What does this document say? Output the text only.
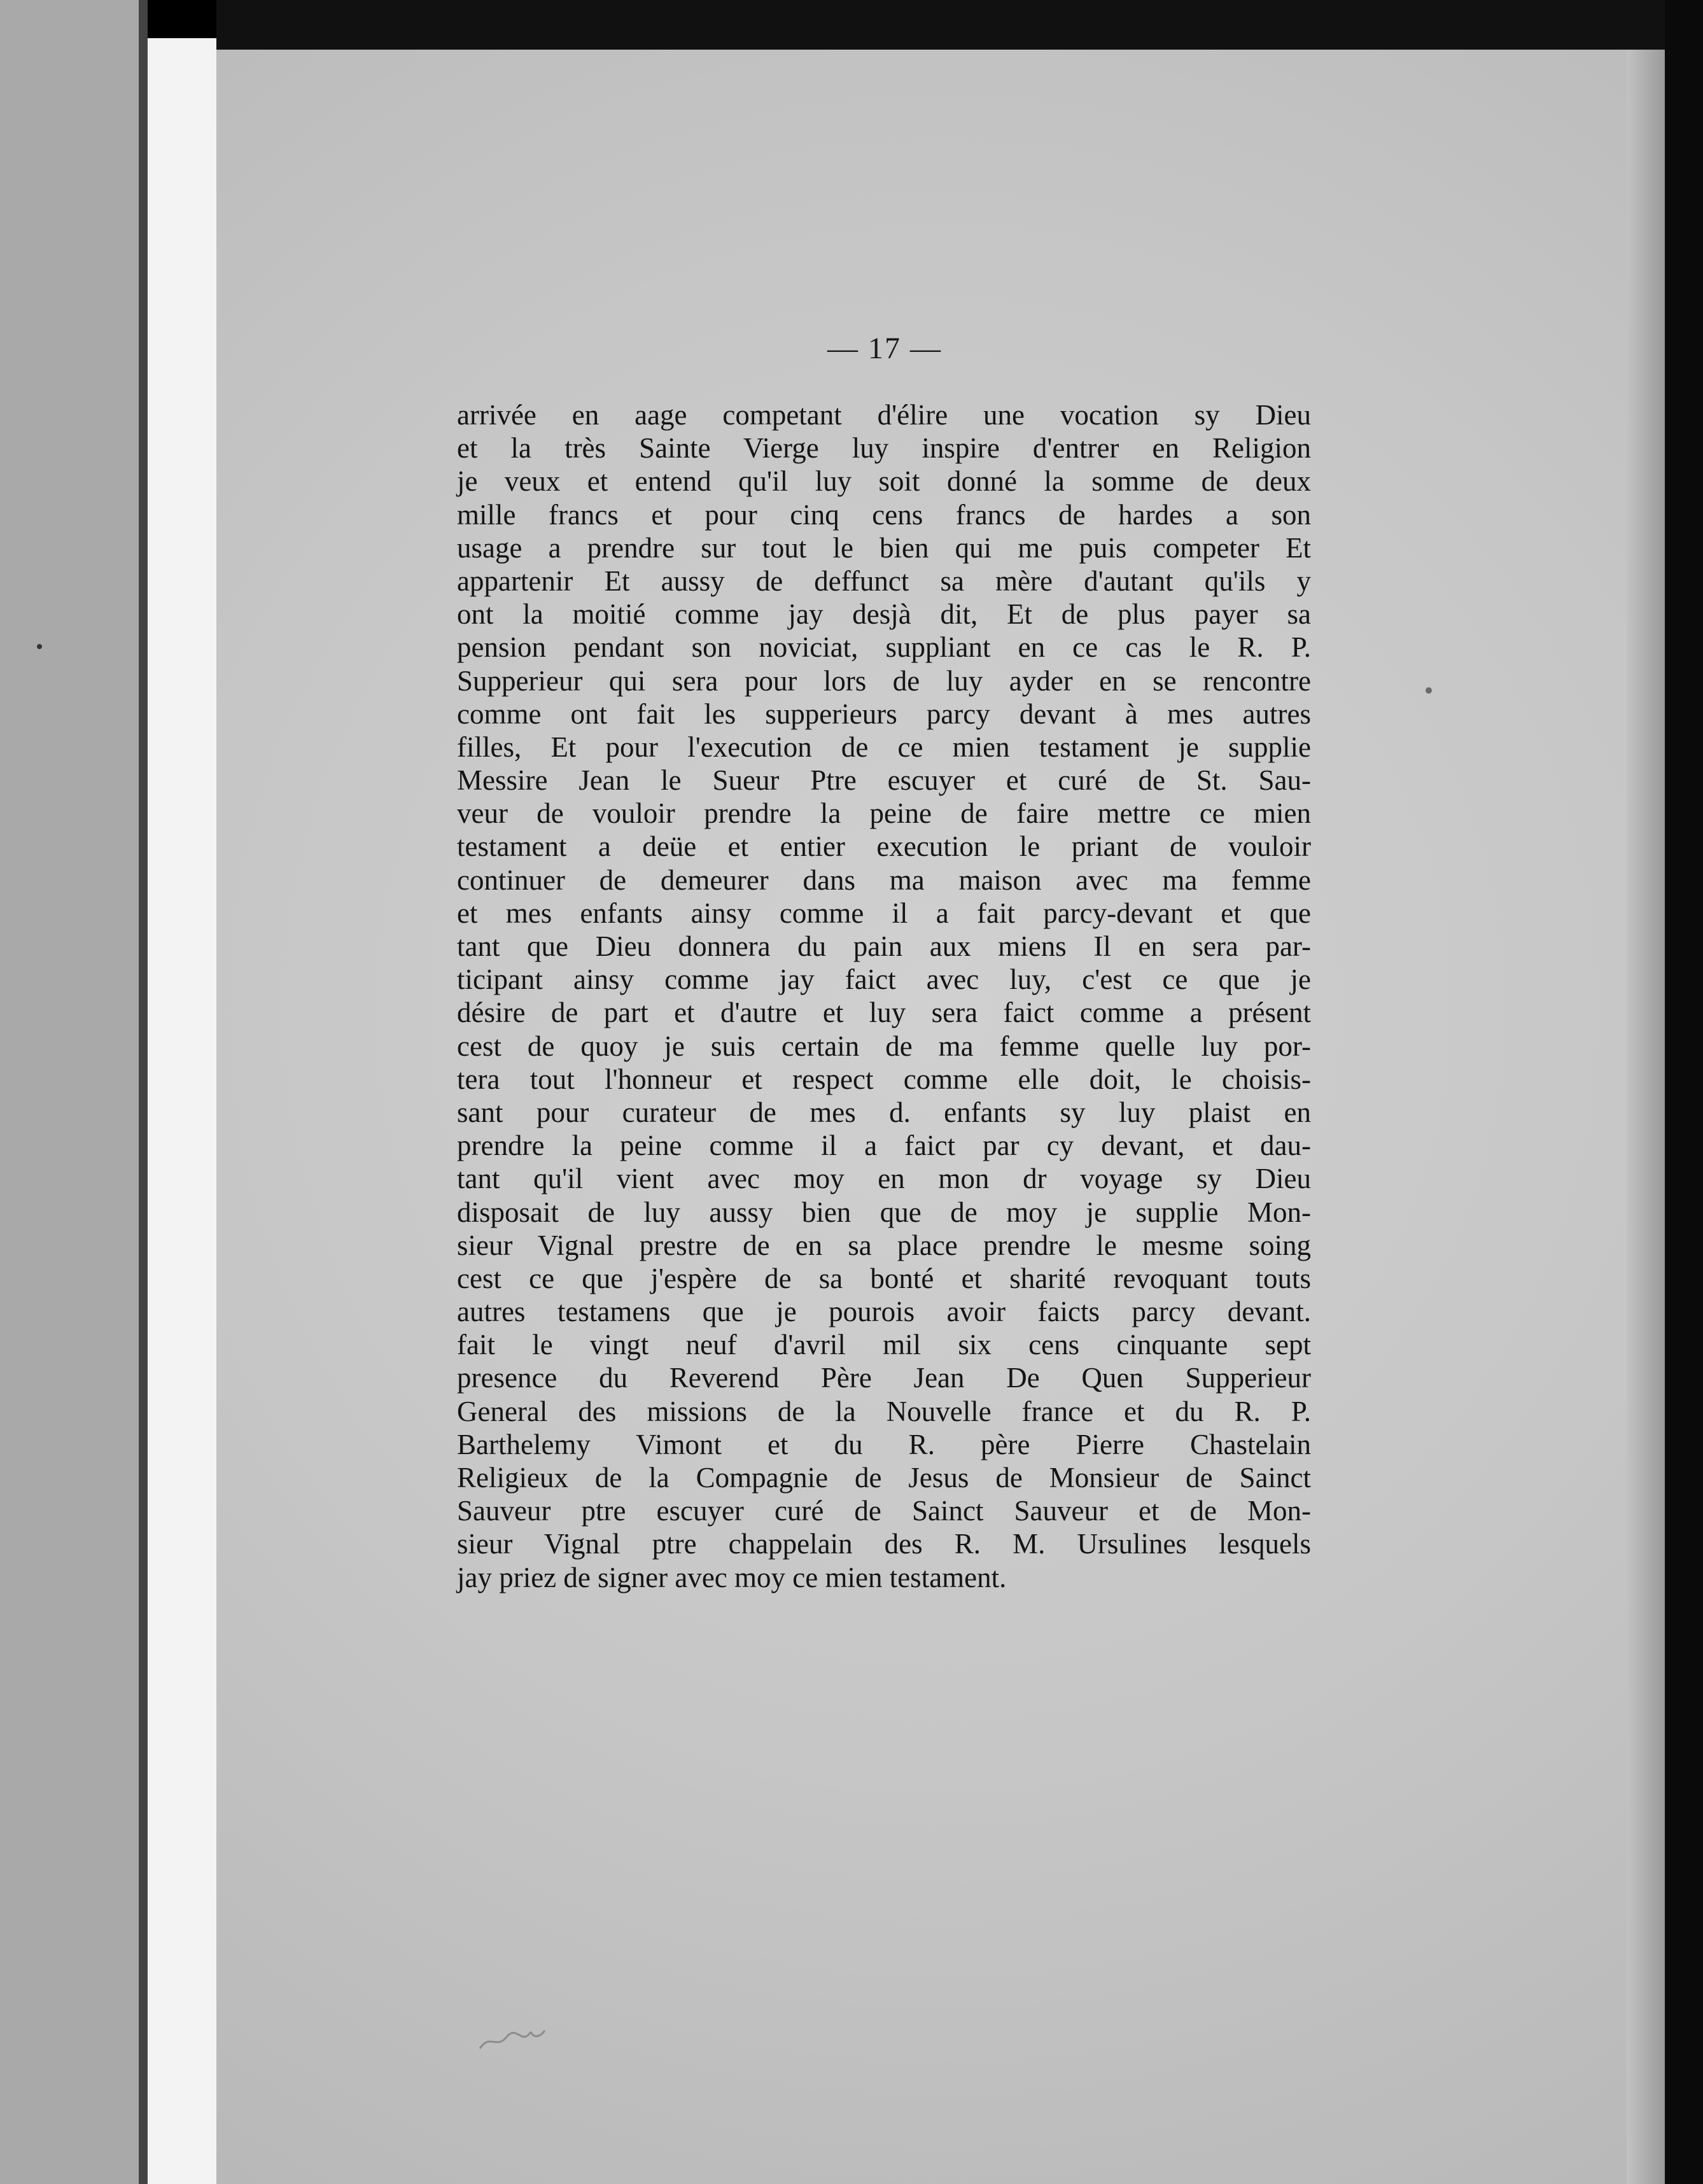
— 17 —
arrivée en aage competant d'élire une vocation sy Dieu
et la très Sainte Vierge luy inspire d'entrer en Religion
je veux et entend qu'il luy soit donné la somme de deux
mille francs et pour cinq cens francs de hardes a son
usage a prendre sur tout le bien qui me puis competer Et
appartenir Et aussy de deffunct sa mère d'autant qu'ils y
ont la moitié comme jay desjà dit, Et de plus payer sa
pension pendant son noviciat, suppliant en ce cas le R. P.
Supperieur qui sera pour lors de luy ayder en se rencontre
comme ont fait les supperieurs parcy devant à mes autres
filles, Et pour l'execution de ce mien testament je supplie
Messire Jean le Sueur Ptre escuyer et curé de St. Sau-
veur de vouloir prendre la peine de faire mettre ce mien
testament a deüe et entier execution le priant de vouloir
continuer de demeurer dans ma maison avec ma femme
et mes enfants ainsy comme il a fait parcy-devant et que
tant que Dieu donnera du pain aux miens Il en sera par-
ticipant ainsy comme jay faict avec luy, c'est ce que je
désire de part et d'autre et luy sera faict comme a présent
cest de quoy je suis certain de ma femme quelle luy por-
tera tout l'honneur et respect comme elle doit, le choisis-
sant pour curateur de mes d. enfants sy luy plaist en
prendre la peine comme il a faict par cy devant, et dau-
tant qu'il vient avec moy en mon dr voyage sy Dieu
disposait de luy aussy bien que de moy je supplie Mon-
sieur Vignal prestre de en sa place prendre le mesme soing
cest ce que j'espère de sa bonté et sharité revoquant touts
autres testamens que je pourois avoir faicts parcy devant.
fait le vingt neuf d'avril mil six cens cinquante sept
presence du Reverend Père Jean De Quen Supperieur
General des missions de la Nouvelle france et du R. P.
Barthelemy Vimont et du R. père Pierre Chastelain
Religieux de la Compagnie de Jesus de Monsieur de Sainct
Sauveur ptre escuyer curé de Sainct Sauveur et de Mon-
sieur Vignal ptre chappelain des R. M. Ursulines lesquels
jay priez de signer avec moy ce mien testament.
